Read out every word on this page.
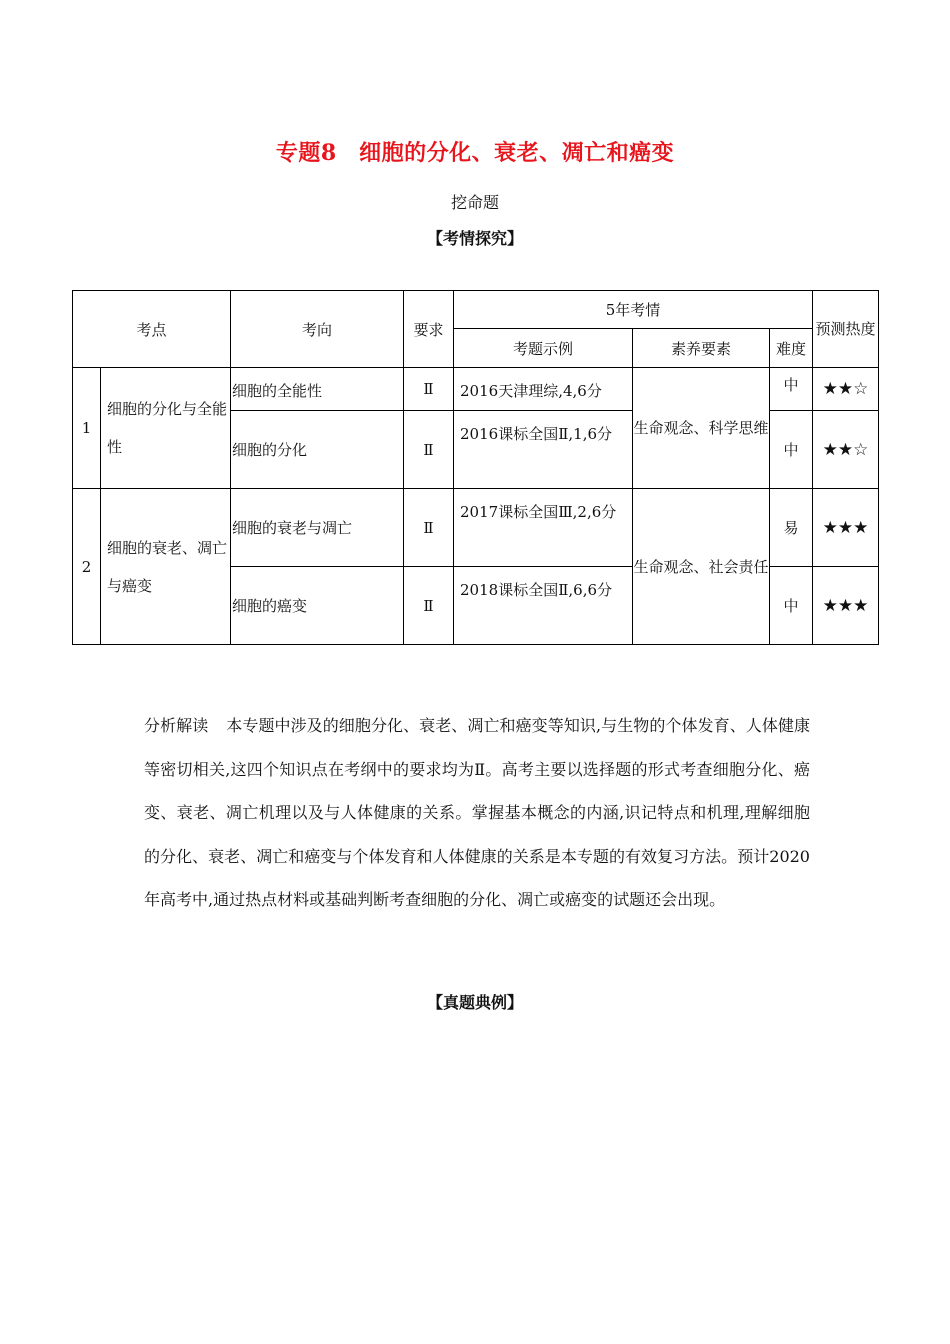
专题8　细胞的分化、衰老、凋亡和癌变
挖命题
【考情探究】
考点		考向	要求	5年考情			预测热度
				考题示例	素养要素	难度	
1	细胞的分化与全能性	细胞的全能性	Ⅱ	2016天津理综,4,6分	生命观念、科学思维	中	★★☆
		细胞的分化	Ⅱ	2016课标全国Ⅱ,1,6分		中	★★☆
2	细胞的衰老、凋亡与癌变	细胞的衰老与凋亡	Ⅱ	2017课标全国Ⅲ,2,6分	生命观念、社会责任	易	★★★
		细胞的癌变	Ⅱ	2018课标全国Ⅱ,6,6分		中	★★★
分析解读 本专题中涉及的细胞分化、衰老、凋亡和癌变等知识,与生物的个体发育、人体健康等密切相关,这四个知识点在考纲中的要求均为Ⅱ。高考主要以选择题的形式考查细胞分化、癌变、衰老、凋亡机理以及与人体健康的关系。掌握基本概念的内涵,识记特点和机理,理解细胞的分化、衰老、凋亡和癌变与个体发育和人体健康的关系是本专题的有效复习方法。预计2020年高考中,通过热点材料或基础判断考查细胞的分化、凋亡或癌变的试题还会出现。
【真题典例】
